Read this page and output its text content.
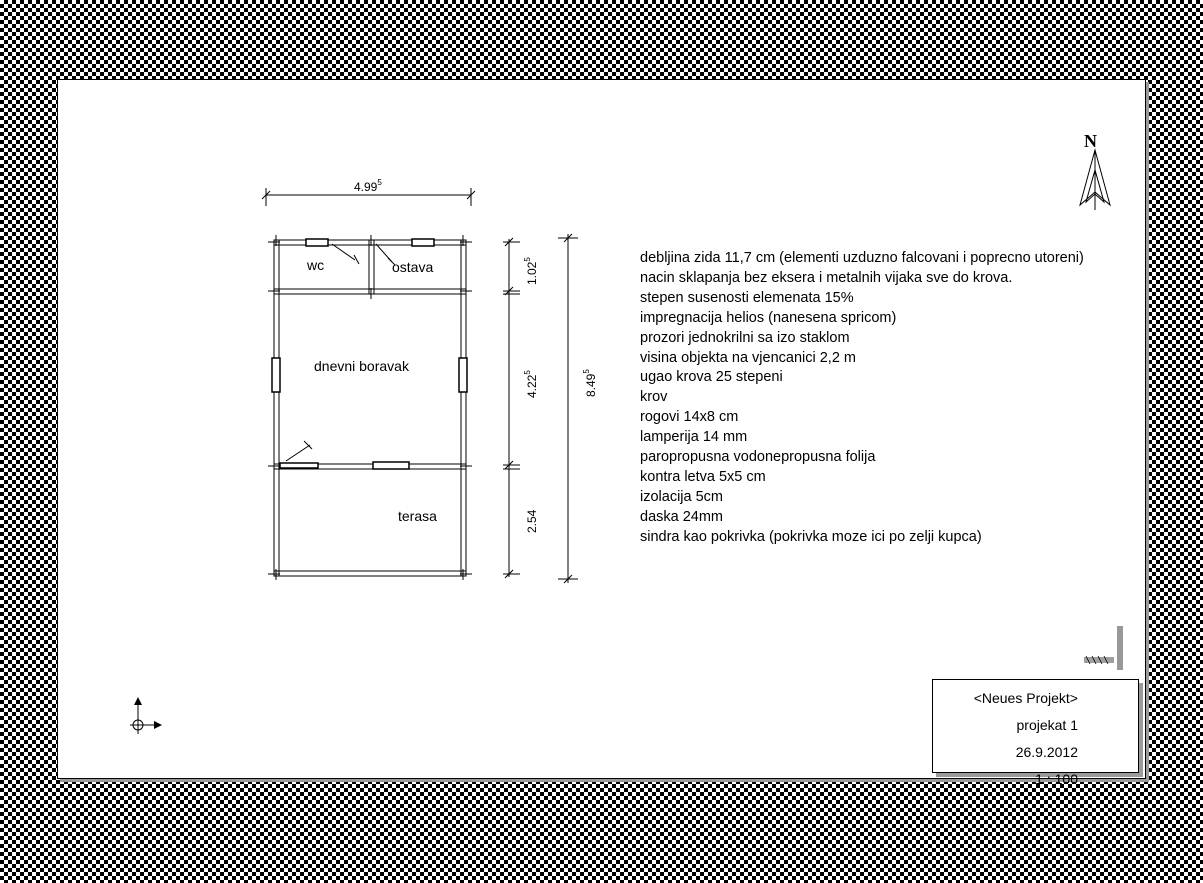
4.99$^5$
wc	ostava
dnevni boravak
terasa
1.02$^5$
4.22$^5$
2.54
8.49$^5$
N
debljina zida 11,7 cm (elementi uzduzno falcovani i poprecno utoreni)
nacin sklapanja bez eksera i metalnih vijaka sve do krova.
stepen susenosti elemenata 15%
impregnacija helios (nanesena spricom)
prozori jednokrilni sa izo staklom
visina objekta na vjencanici 2,2 m
ugao krova 25 stepeni
krov
rogovi 14x8 cm
lamperija 14 mm
paropropusna vodonepropusna folija
kontra letva 5x5 cm
izolacija 5cm
daska 24mm
sindra kao pokrivka (pokrivka moze ici po zelji kupca)
<Neues Projekt>
projekat 1
26.9.2012
1 : 100
